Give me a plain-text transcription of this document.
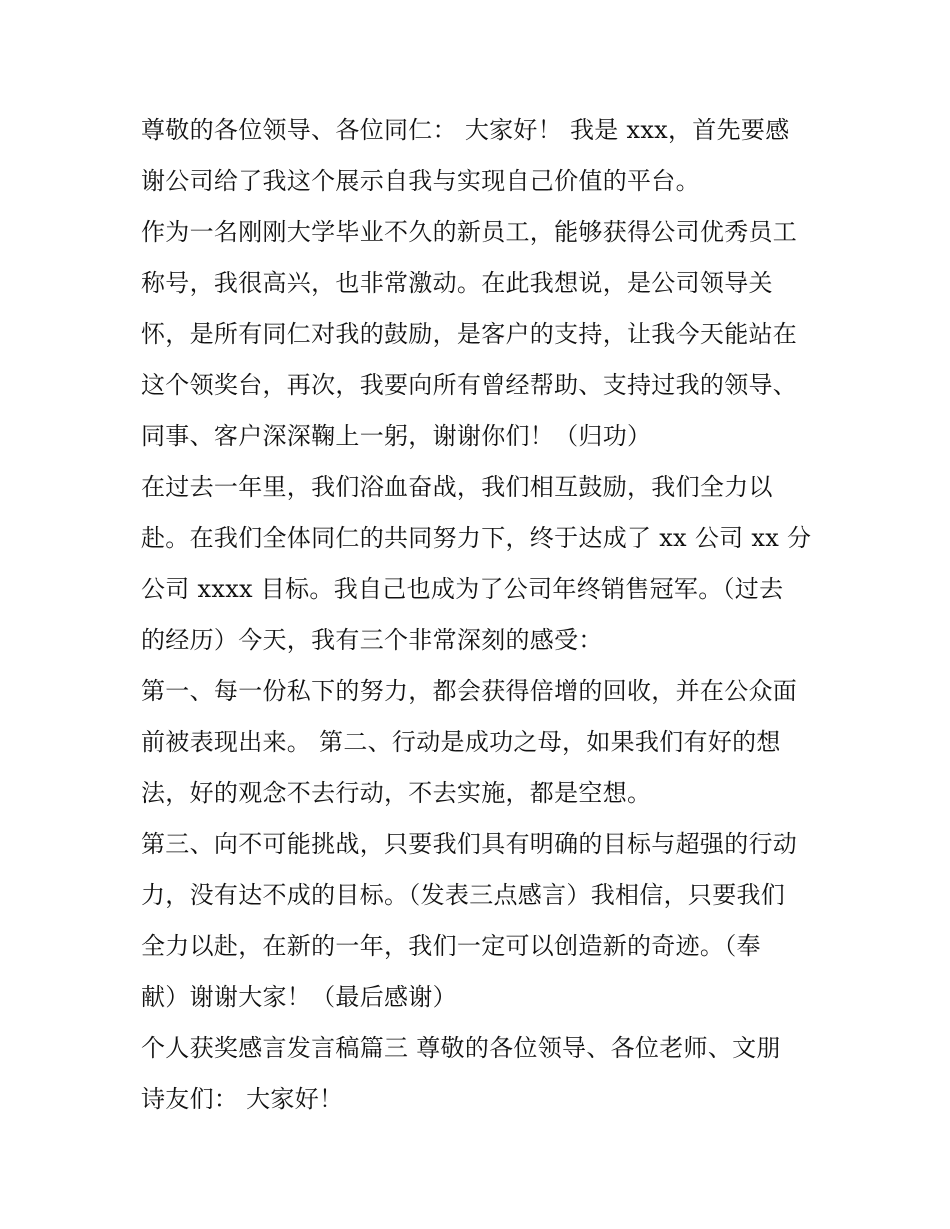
尊敬的各位领导、各位同仁： 大家好！ 我是 xxx，首先要感
谢公司给了我这个展示自我与实现自己价值的平台。
作为一名刚刚大学毕业不久的新员工，能够获得公司优秀员工
称号，我很高兴，也非常激动。在此我想说，是公司领导关
怀，是所有同仁对我的鼓励，是客户的支持，让我今天能站在
这个领奖台，再次，我要向所有曾经帮助、支持过我的领导、
同事、客户深深鞠上一躬，谢谢你们！（归功）
在过去一年里，我们浴血奋战，我们相互鼓励，我们全力以
赴。在我们全体同仁的共同努力下，终于达成了 xx 公司 xx 分
公司 xxxx 目标。我自己也成为了公司年终销售冠军。（过去
的经历）今天，我有三个非常深刻的感受：
第一、每一份私下的努力，都会获得倍增的回收，并在公众面
前被表现出来。 第二、行动是成功之母，如果我们有好的想
法，好的观念不去行动，不去实施，都是空想。
第三、向不可能挑战，只要我们具有明确的目标与超强的行动
力，没有达不成的目标。（发表三点感言）我相信，只要我们
全力以赴，在新的一年，我们一定可以创造新的奇迹。（奉
献）谢谢大家！（最后感谢）
个人获奖感言发言稿篇三 尊敬的各位领导、各位老师、文朋
诗友们： 大家好！
